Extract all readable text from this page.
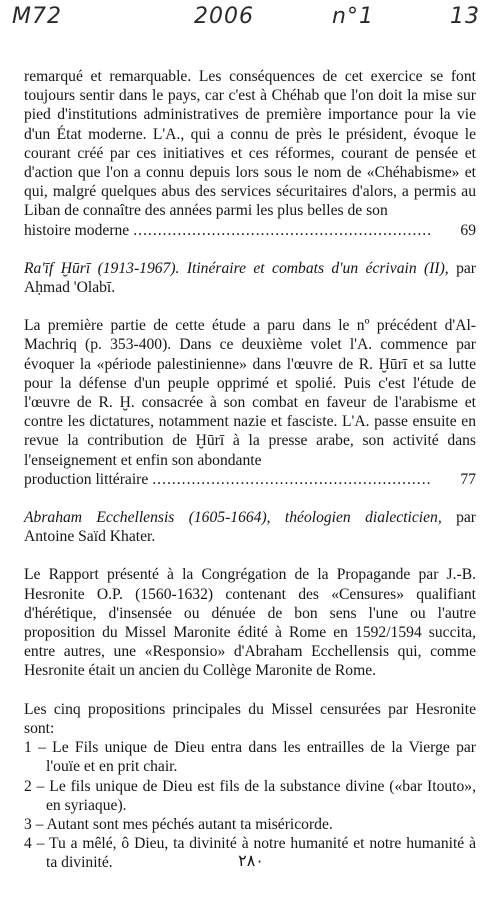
M72	2006	n°1	13

remarqué et remarquable. Les conséquences de cet exercice se font toujours sentir dans le pays, car c'est à Chéhab que l'on doit la mise sur pied d'institutions administratives de première importance pour la vie d'un État moderne. L'A., qui a connu de près le président, évoque le courant créé par ces initiatives et ces réformes, courant de pensée et d'action que l'on a connu depuis lors sous le nom de «Chéhabisme» et qui, malgré quelques abus des services sécuritaires d'alors, a permis au Liban de connaître des années parmi les plus belles de son

histoire moderne .....	69

Ra'īf Ḫūrī (1913-1967). Itinéraire et combats d'un écrivain (II), par Aḥmad 'Olabī.

La première partie de cette étude a paru dans le nº précédent d'Al-Machriq (p. 353-400). Dans ce deuxième volet l'A. commence par évoquer la «période palestinienne» dans l'œuvre de R. Ḫūrī et sa lutte pour la défense d'un peuple opprimé et spolié. Puis c'est l'étude de l'œuvre de R. Ḫ. consacrée à son combat en faveur de l'arabisme et contre les dictatures, notamment nazie et fasciste. L'A. passe ensuite en revue la contribution de Ḫūrī à la presse arabe, son activité dans l'enseignement et enfin son abondante

production littéraire .....	77

Abraham Ecchellensis (1605-1664), théologien dialecticien, par Antoine Saïd Khater.

Le Rapport présenté à la Congrégation de la Propagande par J.-B. Hesronite O.P. (1560-1632) contenant des «Censures» qualifiant d'hérétique, d'insensée ou dénuée de bon sens l'une ou l'autre proposition du Missel Maronite édité à Rome en 1592/1594 succita, entre autres, une «Responsio» d'Abraham Ecchellensis qui, comme Hesronite était un ancien du Collège Maronite de Rome.

Les cinq propositions principales du Missel censurées par Hesronite sont:

1 – Le Fils unique de Dieu entra dans les entrailles de la Vierge par l'ouïe et en prit chair.
2 – Le fils unique de Dieu est fils de la substance divine («bar Itouto», en syriaque).
3 – Autant sont mes péchés autant ta miséricorde.
4 – Tu a mêlé, ô Dieu, ta divinité à notre humanité et notre humanité à ta divinité.	٢٨٠
